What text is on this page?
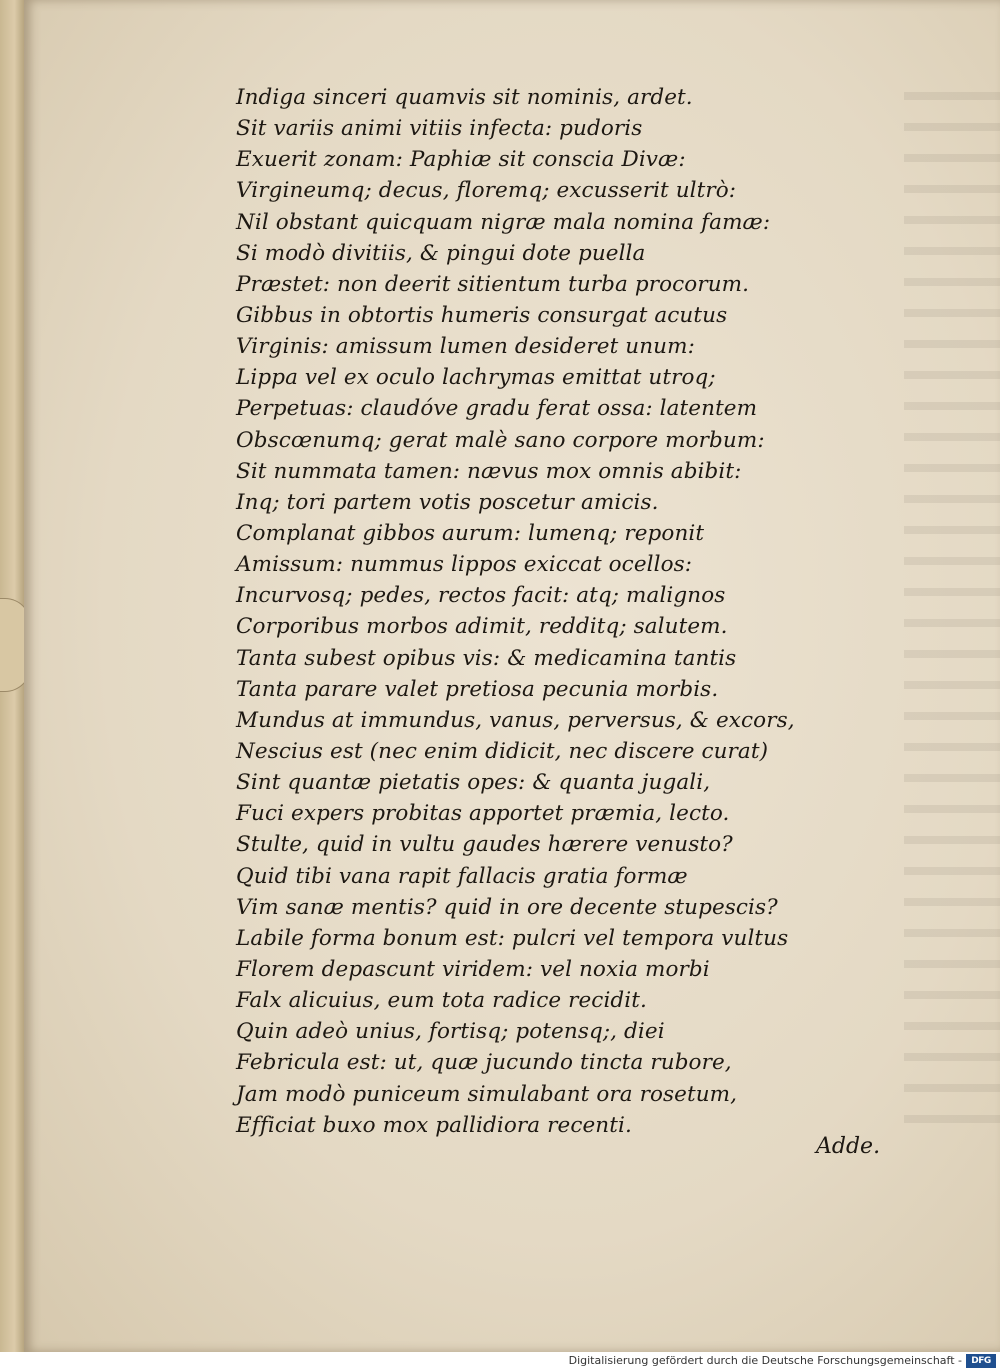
Indiga sinceri quamvis sit nominis, ardet.
Sit variis animi vitiis infecta: pudoris
Exuerit zonam: Paphiæ sit conscia Divæ:
Virgineumq; decus, floremq; excusserit ultrò:
Nil obstant quicquam nigræ mala nomina famæ:
Si modò divitiis, & pingui dote puella
Præstet: non deerit sitientum turba procorum.
Gibbus in obtortis humeris consurgat acutus
Virginis: amissum lumen desideret unum:
Lippa vel ex oculo lachrymas emittat utroq;
Perpetuas: claudóve gradu ferat ossa: latentem
Obscœnumq; gerat malè sano corpore morbum:
Sit nummata tamen: nævus mox omnis abibit:
Inq; tori partem votis poscetur amicis.
Complanat gibbos aurum: lumenq; reponit
Amissum: nummus lippos exiccat ocellos:
Incurvosq; pedes, rectos facit: atq; malignos
Corporibus morbos adimit, redditq; salutem.
Tanta subest opibus vis: & medicamina tantis
Tanta parare valet pretiosa pecunia morbis.
Mundus at immundus, vanus, perversus, & excors,
Nescius est (nec enim didicit, nec discere curat)
Sint quantæ pietatis opes: & quanta jugali,
Fuci expers probitas apportet præmia, lecto.
Stulte, quid in vultu gaudes hærere venusto?
Quid tibi vana rapit fallacis gratia formæ
Vim sanæ mentis? quid in ore decente stupescis?
Labile forma bonum est: pulcri vel tempora vultus
Florem depascunt viridem: vel noxia morbi
Falx alicuius, eum tota radice recidit.
Quin adeò unius, fortisq; potensq;, diei
Febricula est: ut, quæ jucundo tincta rubore,
Jam modò puniceum simulabant ora rosetum,
Efficiat buxo mox pallidiora recenti.
Adde.
Digitalisierung gefördert durch die Deutsche Forschungsgemeinschaft -	DFG
